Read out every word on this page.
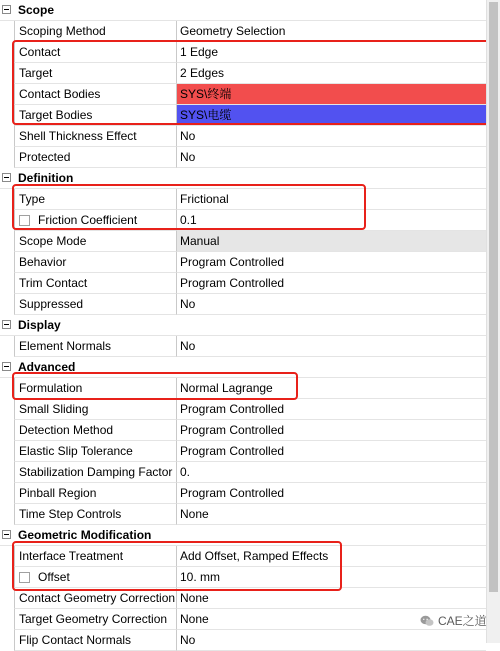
Scope
Scoping Method	Geometry Selection
Contact	1 Edge
Target	2 Edges
Contact Bodies	SYS\终端
Target Bodies	SYS\电缆
Shell Thickness Effect	No
Protected	No
Definition
Type	Frictional
Friction Coefficient	0.1
Scope Mode	Manual
Behavior	Program Controlled
Trim Contact	Program Controlled
Suppressed	No
Display
Element Normals	No
Advanced
Formulation	Normal Lagrange
Small Sliding	Program Controlled
Detection Method	Program Controlled
Elastic Slip Tolerance	Program Controlled
Stabilization Damping Factor 0.
Pinball Region	Program Controlled
Time Step Controls	None
Geometric Modification
Interface Treatment	Add Offset, Ramped Effects
Offset	10. mm
Contact Geometry Correction None
Target Geometry Correction	None
Flip Contact Normals	No
CAE之道
